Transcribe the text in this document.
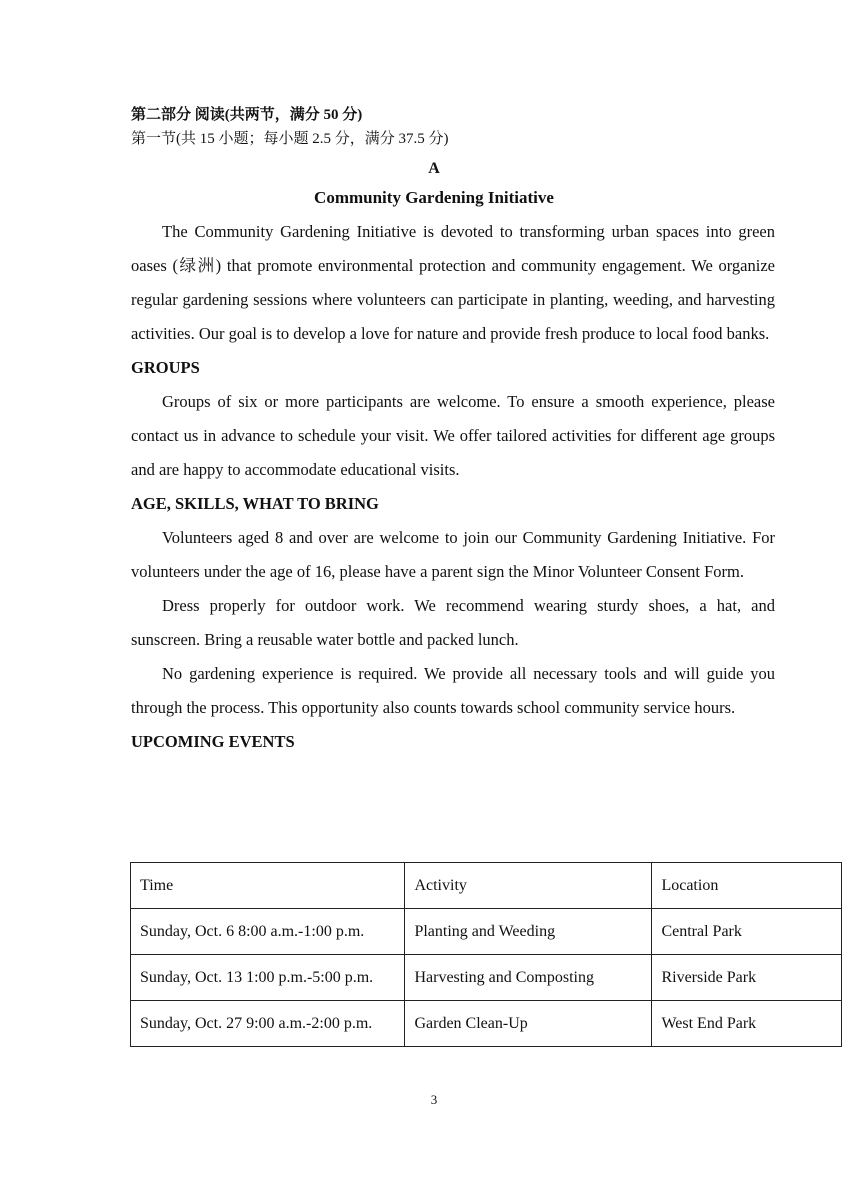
第二部分 阅读(共两节，满分 50 分)
第一节(共 15 小题；每小题 2.5 分，满分 37.5 分)
A
Community Gardening Initiative

The Community Gardening Initiative is devoted to transforming urban spaces into green oases (绿洲) that promote environmental protection and community engagement. We organize regular gardening sessions where volunteers can participate in planting, weeding, and harvesting activities. Our goal is to develop a love for nature and provide fresh produce to local food banks.

GROUPS

Groups of six or more participants are welcome. To ensure a smooth experience, please contact us in advance to schedule your visit. We offer tailored activities for different age groups and are happy to accommodate educational visits.

AGE, SKILLS, WHAT TO BRING

Volunteers aged 8 and over are welcome to join our Community Gardening Initiative. For volunteers under the age of 16, please have a parent sign the Minor Volunteer Consent Form.

Dress properly for outdoor work. We recommend wearing sturdy shoes, a hat, and sunscreen. Bring a reusable water bottle and packed lunch.

No gardening experience is required. We provide all necessary tools and will guide you through the process. This opportunity also counts towards school community service hours.

UPCOMING EVENTS

Time	Activity	Location
Sunday, Oct. 6 8:00 a.m.-1:00 p.m.	Planting and Weeding	Central Park
Sunday, Oct. 13 1:00 p.m.-5:00 p.m.	Harvesting and Composting	Riverside Park
Sunday, Oct. 27 9:00 a.m.-2:00 p.m.	Garden Clean-Up	West End Park
3
